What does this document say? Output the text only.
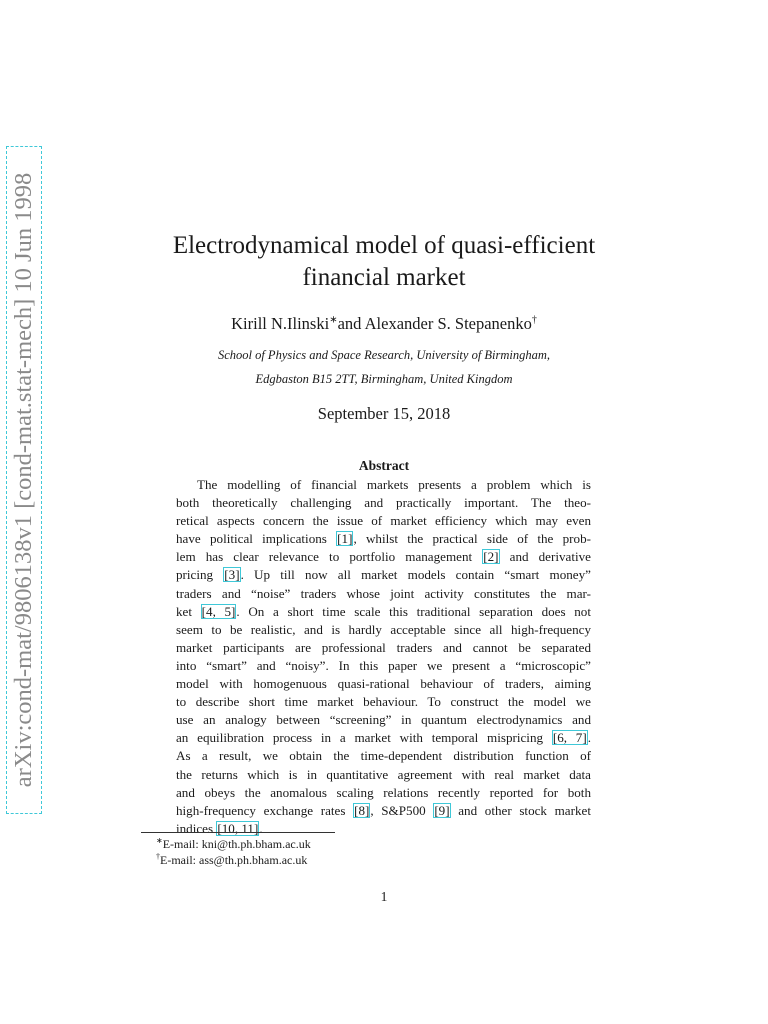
arXiv:cond-mat/9806138v1 [cond-mat.stat-mech] 10 Jun 1998	Electrodynamical model of quasi-efficient
financial market
Kirill N.Ilinski∗and Alexander S. Stepanenko†
School of Physics and Space Research, University of Birmingham,
Edgbaston B15 2TT, Birmingham, United Kingdom
September 15, 2018
Abstract
The modelling of financial markets presents a problem which is
both theoretically challenging and practically important. The theo-
retical aspects concern the issue of market efficiency which may even
have political implications [1], whilst the practical side of the prob-
lem has clear relevance to portfolio management [2] and derivative
pricing [3]. Up till now all market models contain “smart money”
traders and “noise” traders whose joint activity constitutes the mar-
ket [4, 5]. On a short time scale this traditional separation does not
seem to be realistic, and is hardly acceptable since all high-frequency
market participants are professional traders and cannot be separated
into “smart” and “noisy”. In this paper we present a “microscopic”
model with homogenuous quasi-rational behaviour of traders, aiming
to describe short time market behaviour. To construct the model we
use an analogy between “screening” in quantum electrodynamics and
an equilibration process in a market with temporal mispricing [6, 7].
As a result, we obtain the time-dependent distribution function of
the returns which is in quantitative agreement with real market data
and obeys the anomalous scaling relations recently reported for both
high-frequency exchange rates [8], S&P500 [9] and other stock market
indices [10, 11].
∗E-mail: kni@th.ph.bham.ac.uk
†E-mail: ass@th.ph.bham.ac.uk
1
